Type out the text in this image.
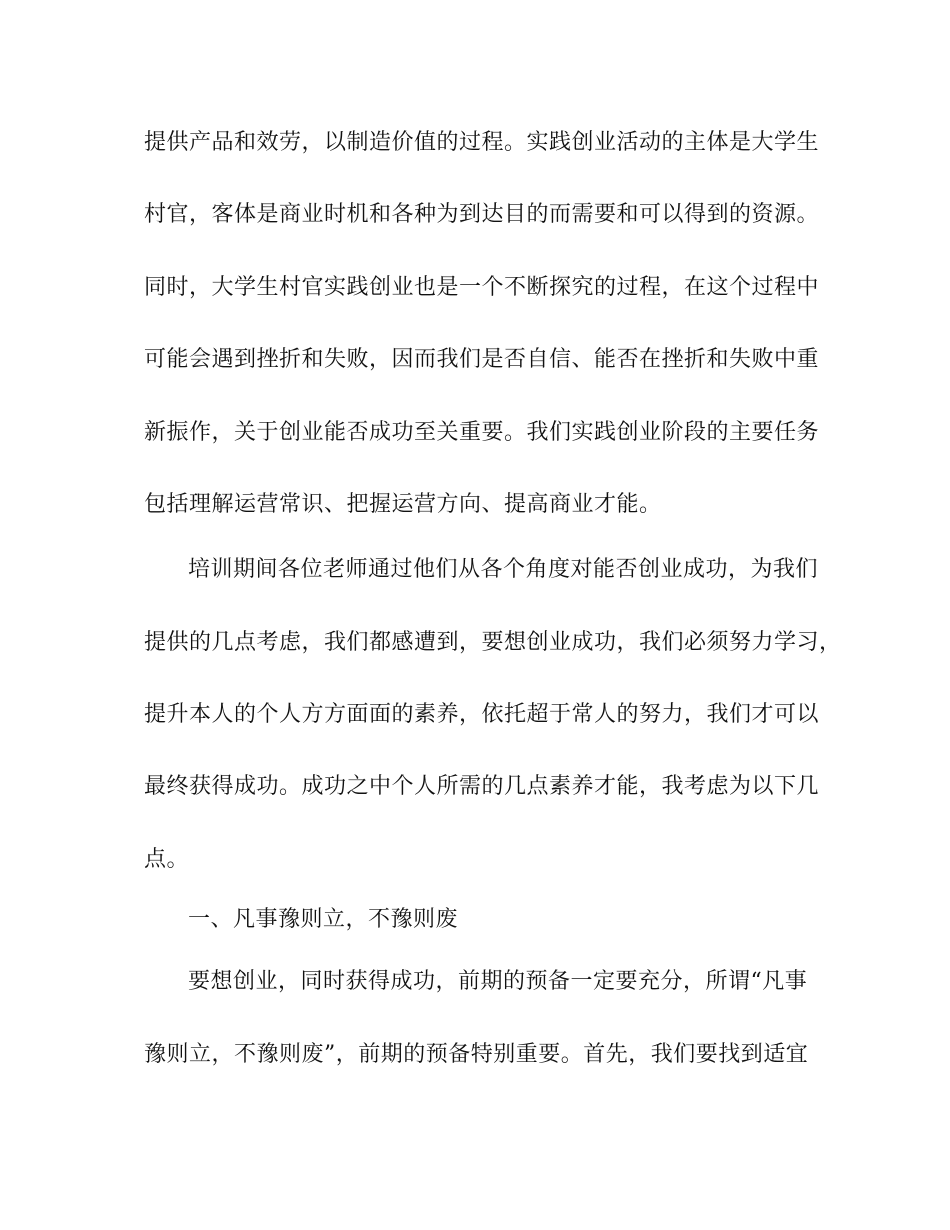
提供产品和效劳，以制造价值的过程。实践创业活动的主体是大学生
村官，客体是商业时机和各种为到达目的而需要和可以得到的资源。
同时，大学生村官实践创业也是一个不断探究的过程，在这个过程中
可能会遇到挫折和失败，因而我们是否自信、能否在挫折和失败中重
新振作，关于创业能否成功至关重要。我们实践创业阶段的主要任务
包括理解运营常识、把握运营方向、提高商业才能。
培训期间各位老师通过他们从各个角度对能否创业成功，为我们
提供的几点考虑，我们都感遭到，要想创业成功，我们必须努力学习，
提升本人的个人方方面面的素养，依托超于常人的努力，我们才可以
最终获得成功。成功之中个人所需的几点素养才能，我考虑为以下几
点。
一、凡事豫则立，不豫则废
要想创业，同时获得成功，前期的预备一定要充分，所谓“凡事
豫则立，不豫则废”，前期的预备特别重要。首先，我们要找到适宜
